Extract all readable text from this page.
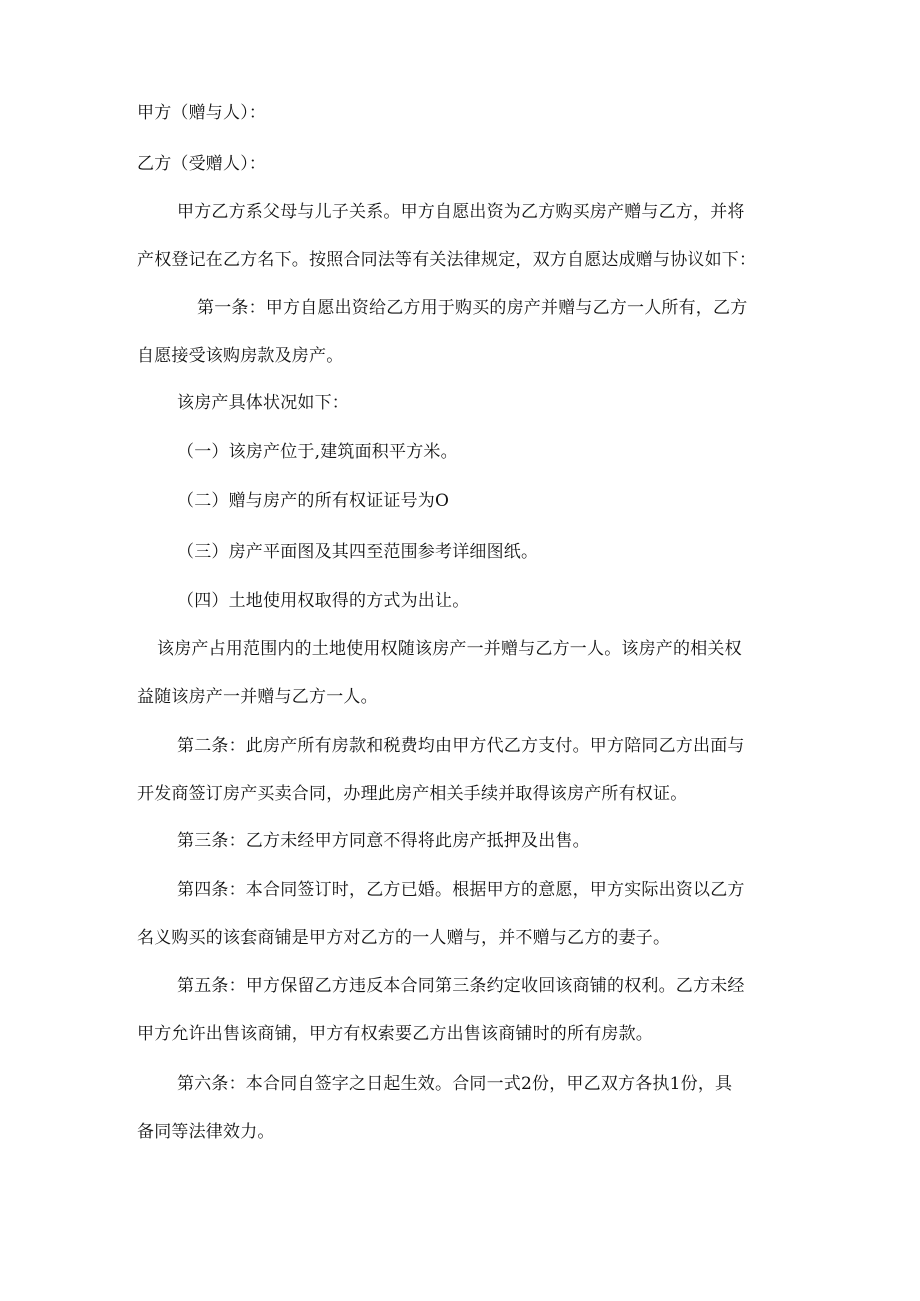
甲方（赠与人）：
乙方（受赠人）：
甲方乙方系父母与儿子关系。甲方自愿出资为乙方购买房产赠与乙方，并将
产权登记在乙方名下。按照合同法等有关法律规定，双方自愿达成赠与协议如下：
第一条：甲方自愿出资给乙方用于购买的房产并赠与乙方一人所有，乙方
自愿接受该购房款及房产。
该房产具体状况如下：
（一）该房产位于,建筑面积平方米。
（二）赠与房产的所有权证证号为O
（三）房产平面图及其四至范围参考详细图纸。
（四）土地使用权取得的方式为出让。
该房产占用范围内的土地使用权随该房产一并赠与乙方一人。该房产的相关权
益随该房产一并赠与乙方一人。
第二条：此房产所有房款和税费均由甲方代乙方支付。甲方陪同乙方出面与
开发商签订房产买卖合同，办理此房产相关手续并取得该房产所有权证。
第三条：乙方未经甲方同意不得将此房产抵押及出售。
第四条：本合同签订时，乙方已婚。根据甲方的意愿，甲方实际出资以乙方
名义购买的该套商铺是甲方对乙方的一人赠与，并不赠与乙方的妻子。
第五条：甲方保留乙方违反本合同第三条约定收回该商铺的权利。乙方未经
甲方允许出售该商铺，甲方有权索要乙方出售该商铺时的所有房款。
第六条：本合同自签字之日起生效。合同一式2份，甲乙双方各执1份，具
备同等法律效力。
